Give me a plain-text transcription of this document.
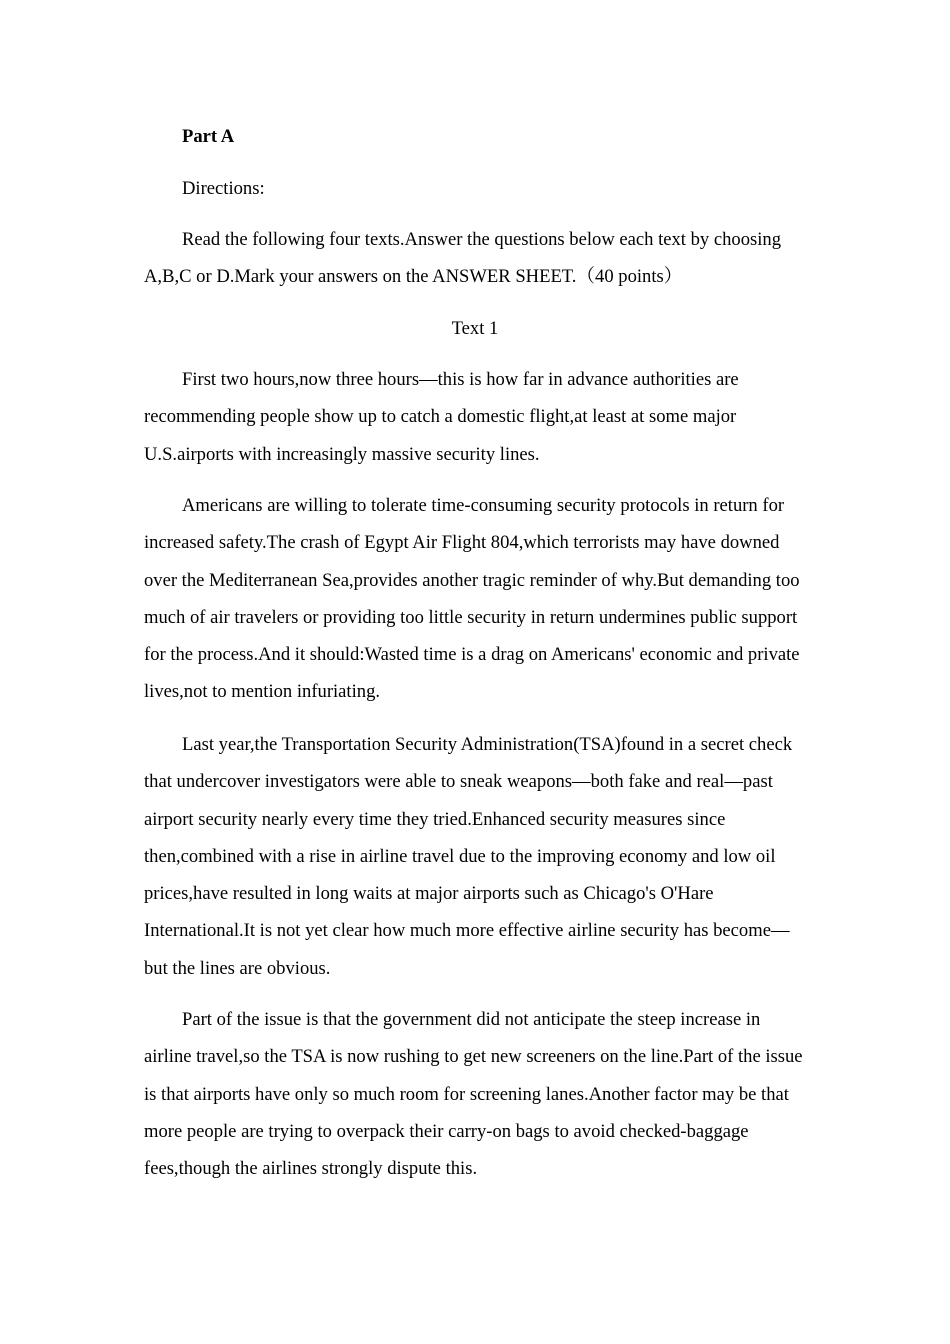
Part A

Directions:

Read the following four texts.Answer the questions below each text by choosing A,B,C or D.Mark your answers on the ANSWER SHEET.（40 points）

Text 1

First two hours,now three hours—this is how far in advance authorities are recommending people show up to catch a domestic flight,at least at some major U.S.airports with increasingly massive security lines.

Americans are willing to tolerate time-consuming security protocols in return for increased safety.The crash of Egypt Air Flight 804,which terrorists may have downed over the Mediterranean Sea,provides another tragic reminder of why.But demanding too much of air travelers or providing too little security in return undermines public support for the process.And it should:Wasted time is a drag on Americans' economic and private lives,not to mention infuriating.

Last year,the Transportation Security Administration(TSA)found in a secret check that undercover investigators were able to sneak weapons—both fake and real—past airport security nearly every time they tried.Enhanced security measures since then,combined with a rise in airline travel due to the improving economy and low oil prices,have resulted in long waits at major airports such as Chicago's O'Hare International.It is not yet clear how much more effective airline security has become—but the lines are obvious.

Part of the issue is that the government did not anticipate the steep increase in airline travel,so the TSA is now rushing to get new screeners on the line.Part of the issue is that airports have only so much room for screening lanes.Another factor may be that more people are trying to overpack their carry-on bags to avoid checked-baggage fees,though the airlines strongly dispute this.
